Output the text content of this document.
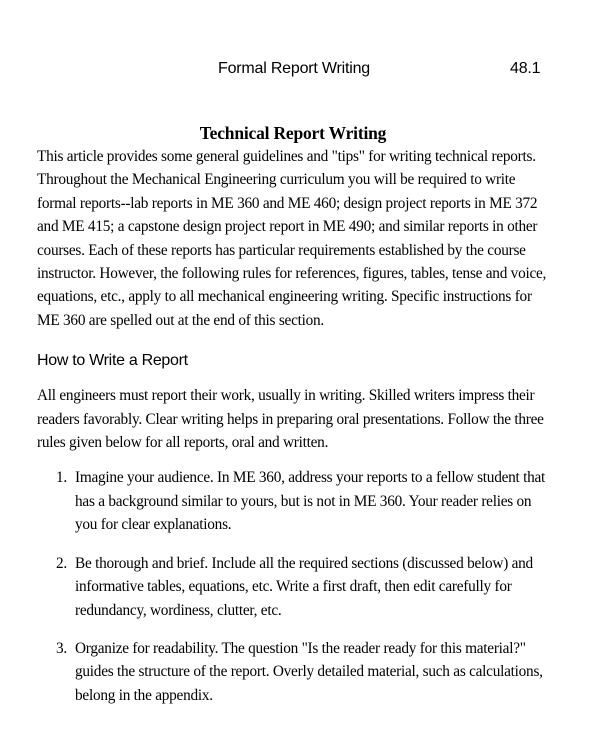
Formal Report Writing	48.1
Technical Report Writing

This article provides some general guidelines and "tips" for writing technical reports. Throughout the Mechanical Engineering curriculum you will be required to write formal reports--lab reports in ME 360 and ME 460; design project reports in ME 372 and ME 415; a capstone design project report in ME 490; and similar reports in other courses. Each of these reports has particular requirements established by the course instructor. However, the following rules for references, figures, tables, tense and voice, equations, etc., apply to all mechanical engineering writing. Specific instructions for ME 360 are spelled out at the end of this section.

How to Write a Report

All engineers must report their work, usually in writing. Skilled writers impress their readers favorably. Clear writing helps in preparing oral presentations. Follow the three rules given below for all reports, oral and written.

1. Imagine your audience. In ME 360, address your reports to a fellow student that has a background similar to yours, but is not in ME 360. Your reader relies on you for clear explanations.
2. Be thorough and brief. Include all the required sections (discussed below) and informative tables, equations, etc. Write a first draft, then edit carefully for redundancy, wordiness, clutter, etc.
3. Organize for readability. The question "Is the reader ready for this material?" guides the structure of the report. Overly detailed material, such as calculations, belong in the appendix.
